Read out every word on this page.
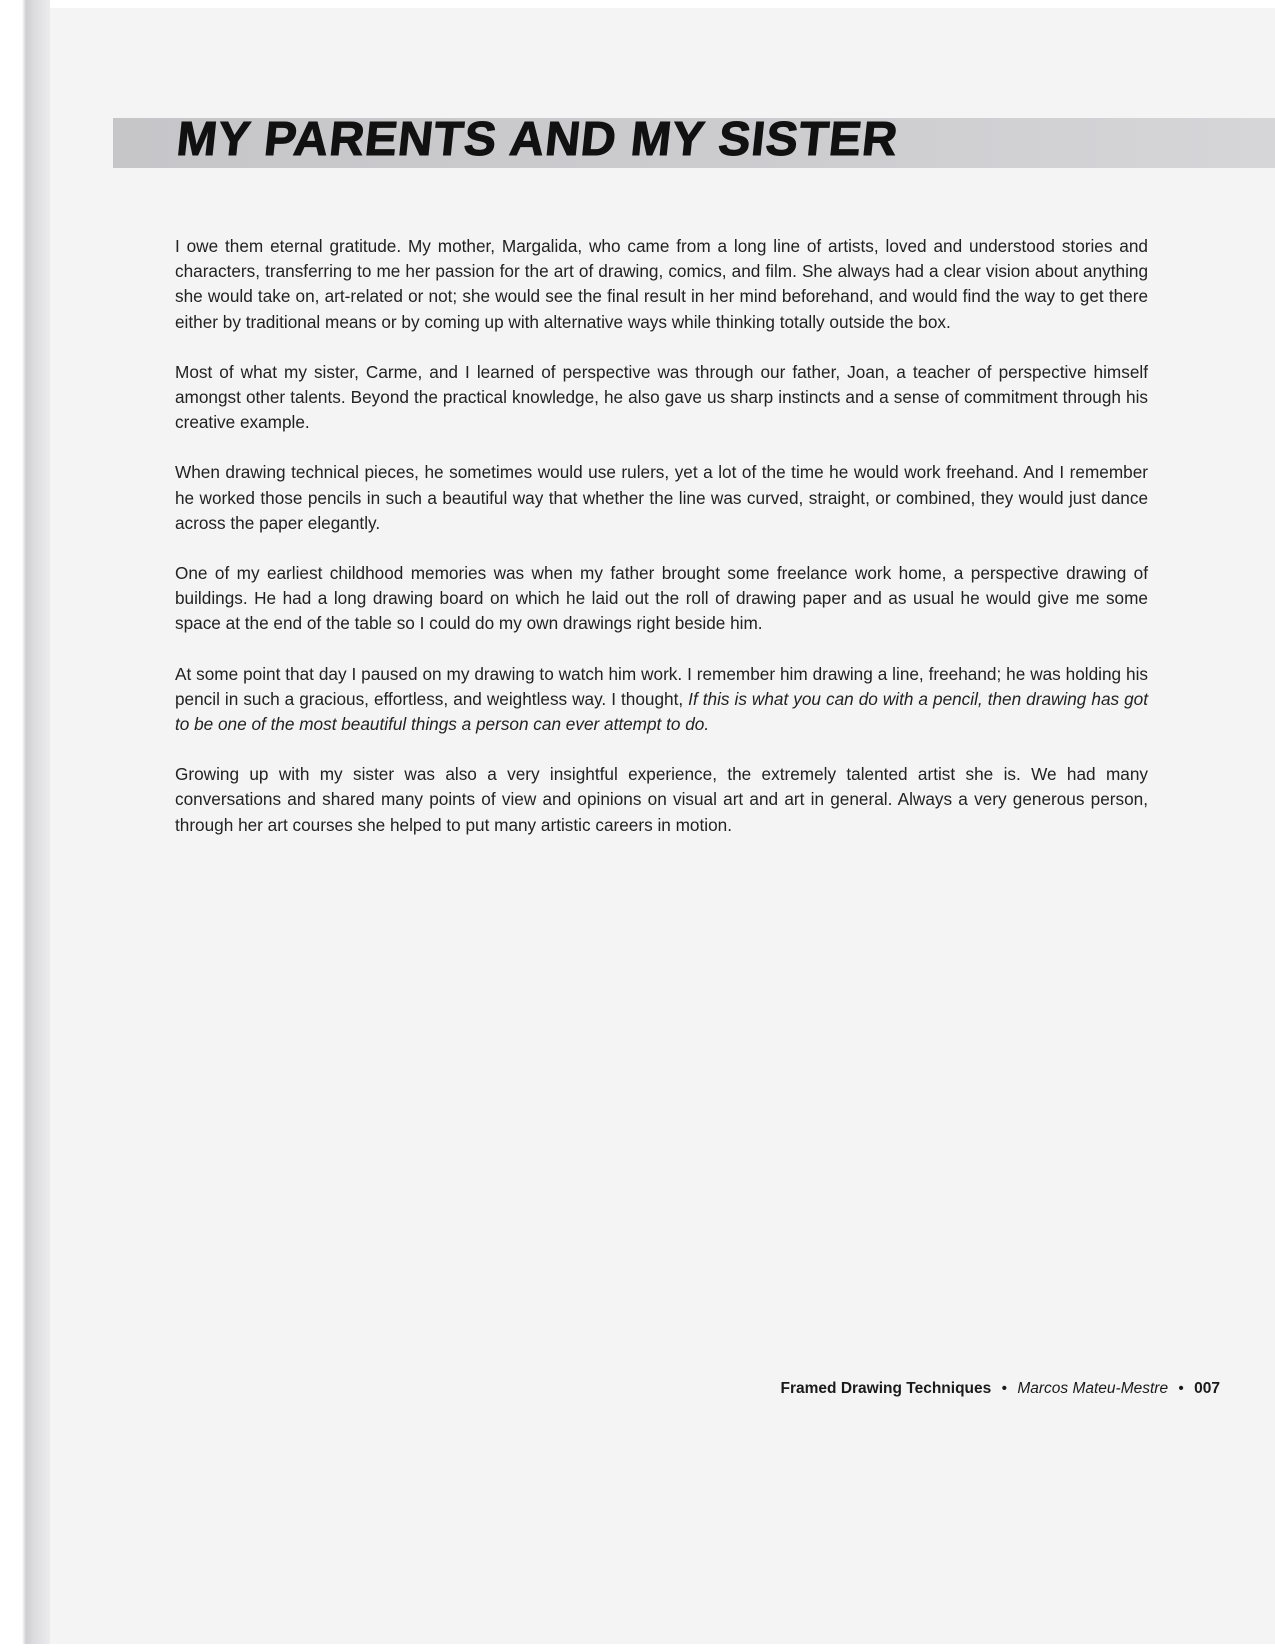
MY PARENTS AND MY SISTER

I owe them eternal gratitude. My mother, Margalida, who came from a long line of artists, loved and understood stories and characters, transferring to me her passion for the art of drawing, comics, and film. She always had a clear vision about anything she would take on, art-related or not; she would see the final result in her mind beforehand, and would find the way to get there either by traditional means or by coming up with alternative ways while thinking totally outside the box.

Most of what my sister, Carme, and I learned of perspective was through our father, Joan, a teacher of perspective himself amongst other talents. Beyond the practical knowledge, he also gave us sharp instincts and a sense of commitment through his creative example.

When drawing technical pieces, he sometimes would use rulers, yet a lot of the time he would work freehand. And I remember he worked those pencils in such a beautiful way that whether the line was curved, straight, or combined, they would just dance across the paper elegantly.

One of my earliest childhood memories was when my father brought some freelance work home, a perspective drawing of buildings. He had a long drawing board on which he laid out the roll of drawing paper and as usual he would give me some space at the end of the table so I could do my own drawings right beside him.

At some point that day I paused on my drawing to watch him work. I remember him drawing a line, freehand; he was holding his pencil in such a gracious, effortless, and weightless way. I thought, If this is what you can do with a pencil, then drawing has got to be one of the most beautiful things a person can ever attempt to do.

Growing up with my sister was also a very insightful experience, the extremely talented artist she is. We had many conversations and shared many points of view and opinions on visual art and art in general. Always a very generous person, through her art courses she helped to put many artistic careers in motion.

Framed Drawing Techniques • Marcos Mateu-Mestre • 007
